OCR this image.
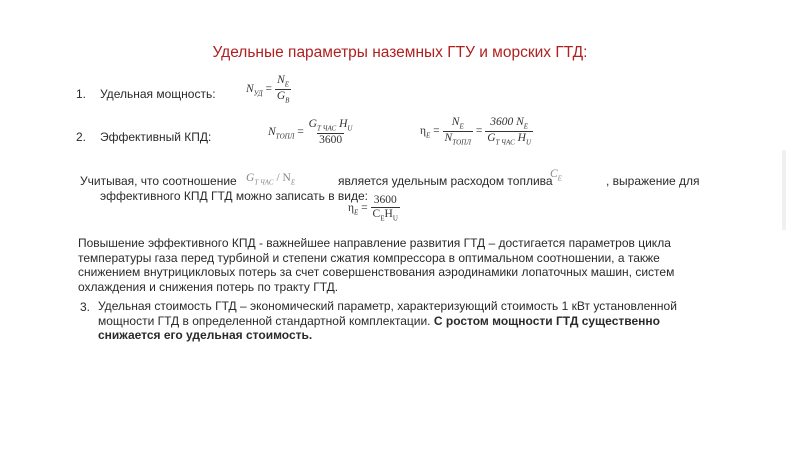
Удельные параметры наземных ГТУ и морских ГТД:
1. Удельная мощность:	$N_{УД} = \frac{N_E}{G_B}$
2. Эффективный КПД:	$N_{ТОПЛ} = \frac{G_{Т ЧАС} H_U}{3600}$	$\eta_E = \frac{N_E}{N_{ТОПЛ}} = \frac{3600 N_E}{G_{Т ЧАС} H_U}$
Учитывая, что соотношение $G_{Т ЧАС} / N_E$	является удельным расходом топлива
$C_E$	, выражение для
эффективного КПД ГТД можно записать в виде:
$\eta_E = \frac{3600}{C_EH_U}$
Повышение эффективного КПД - важнейшее направление развития ГТД – достигается параметров цикла температуры газа перед турбиной и степени сжатия компрессора в оптимальном соотношении, а также снижением внутрицикловых потерь за счет совершенствования аэродинамики лопаточных машин, систем охлаждения и снижения потерь по тракту ГТД.
3. Удельная стоимость ГТД – экономический параметр, характеризующий стоимость 1 кВт установленной мощности ГТД в определенной стандартной комплектации. С ростом мощности ГТД существенно снижается его удельная стоимость.
